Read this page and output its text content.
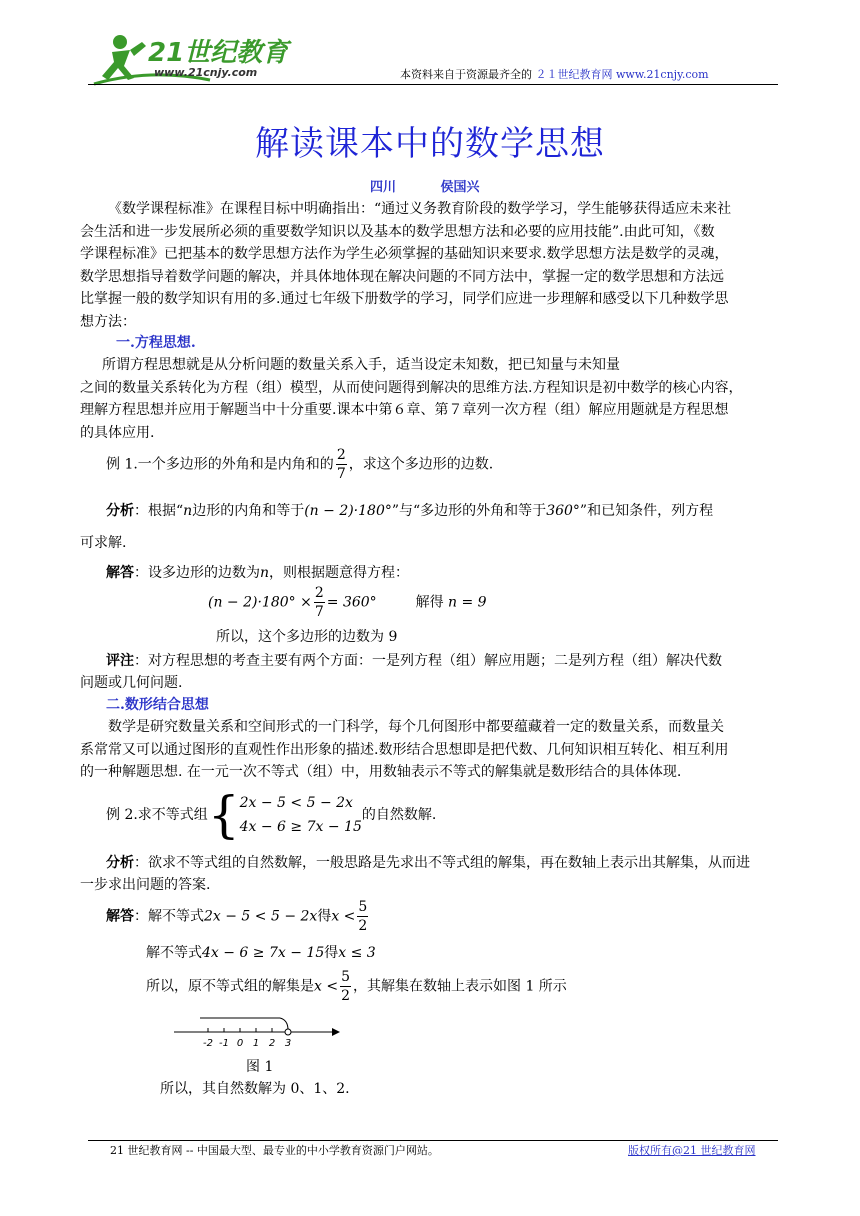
21世纪教育
www.21cnjy.com	本资料来自于资源最齐全的 ２１世纪教育网 www.21cnjy.com
解读课本中的数学思想
四川	侯国兴
《数学课程标准》在课程目标中明确指出：“通过义务教育阶段的数学学习，学生能够获得适应未来社
会生活和进一步发展所必须的重要数学知识以及基本的数学思想方法和必要的应用技能”.由此可知，《数
学课程标准》已把基本的数学思想方法作为学生必须掌握的基础知识来要求.数学思想方法是数学的灵魂，
数学思想指导着数学问题的解决，并具体地体现在解决问题的不同方法中，掌握一定的数学思想和方法远
比掌握一般的数学知识有用的多.通过七年级下册数学的学习，同学们应进一步理解和感受以下几种数学思
想方法：
一.方程思想.
所谓方程思想就是从分析问题的数量关系入手，适当设定未知数，把已知量与未知量
之间的数量关系转化为方程（组）模型，从而使问题得到解决的思维方法.方程知识是初中数学的核心内容，
理解方程思想并应用于解题当中十分重要.课本中第６章、第７章列一次方程（组）解应用题就是方程思想
的具体应用.
例 1.一个多边形的外角和是内角和的 $\frac{2}{7}$ ，求这个多边形的边数.
分析：根据“n边形的内角和等于(n − 2)·180°”与“多边形的外角和等于360°”和已知条件，列方程
可求解.
解答：设多边形的边数为n，则根据题意得方程：
$(n - 2)\cdot 180^\circ \times \frac{2}{7} = 360^\circ$	解得 n = 9
所以，这个多边形的边数为 9
评注：对方程思想的考查主要有两个方面：一是列方程（组）解应用题；二是列方程（组）解决代数
问题或几何问题.
二.数形结合思想
数学是研究数量关系和空间形式的一门科学，每个几何图形中都要蕴藏着一定的数量关系，而数量关
系常常又可以通过图形的直观性作出形象的描述.数形结合思想即是把代数、几何知识相互转化、相互利用
的一种解题思想. 在一元一次不等式（组）中，用数轴表示不等式的解集就是数形结合的具体体现.
例 2.求不等式组{ 2x − 5 < 5 − 2x
4x − 6 ≥ 7x − 15
的自然数解.
分析：欲求不等式组的自然数解，一般思路是先求出不等式组的解集，再在数轴上表示出其解集，从而进
一步求出问题的答案.
解答：解不等式2x − 5 < 5 − 2x得$x < \frac{5}{2}$
解不等式4x − 6 ≥ 7x − 15得x ≤ 3
所以，原不等式组的解集是$x < \frac{5}{2}$ ，其解集在数轴上表示如图 1 所示
-2 -1 0 1 2 3
图 1
所以，其自然数解为 0、1、2.
21 世纪教育网 -- 中国最大型、最专业的中小学教育资源门户网站。	版权所有@21 世纪教育网
